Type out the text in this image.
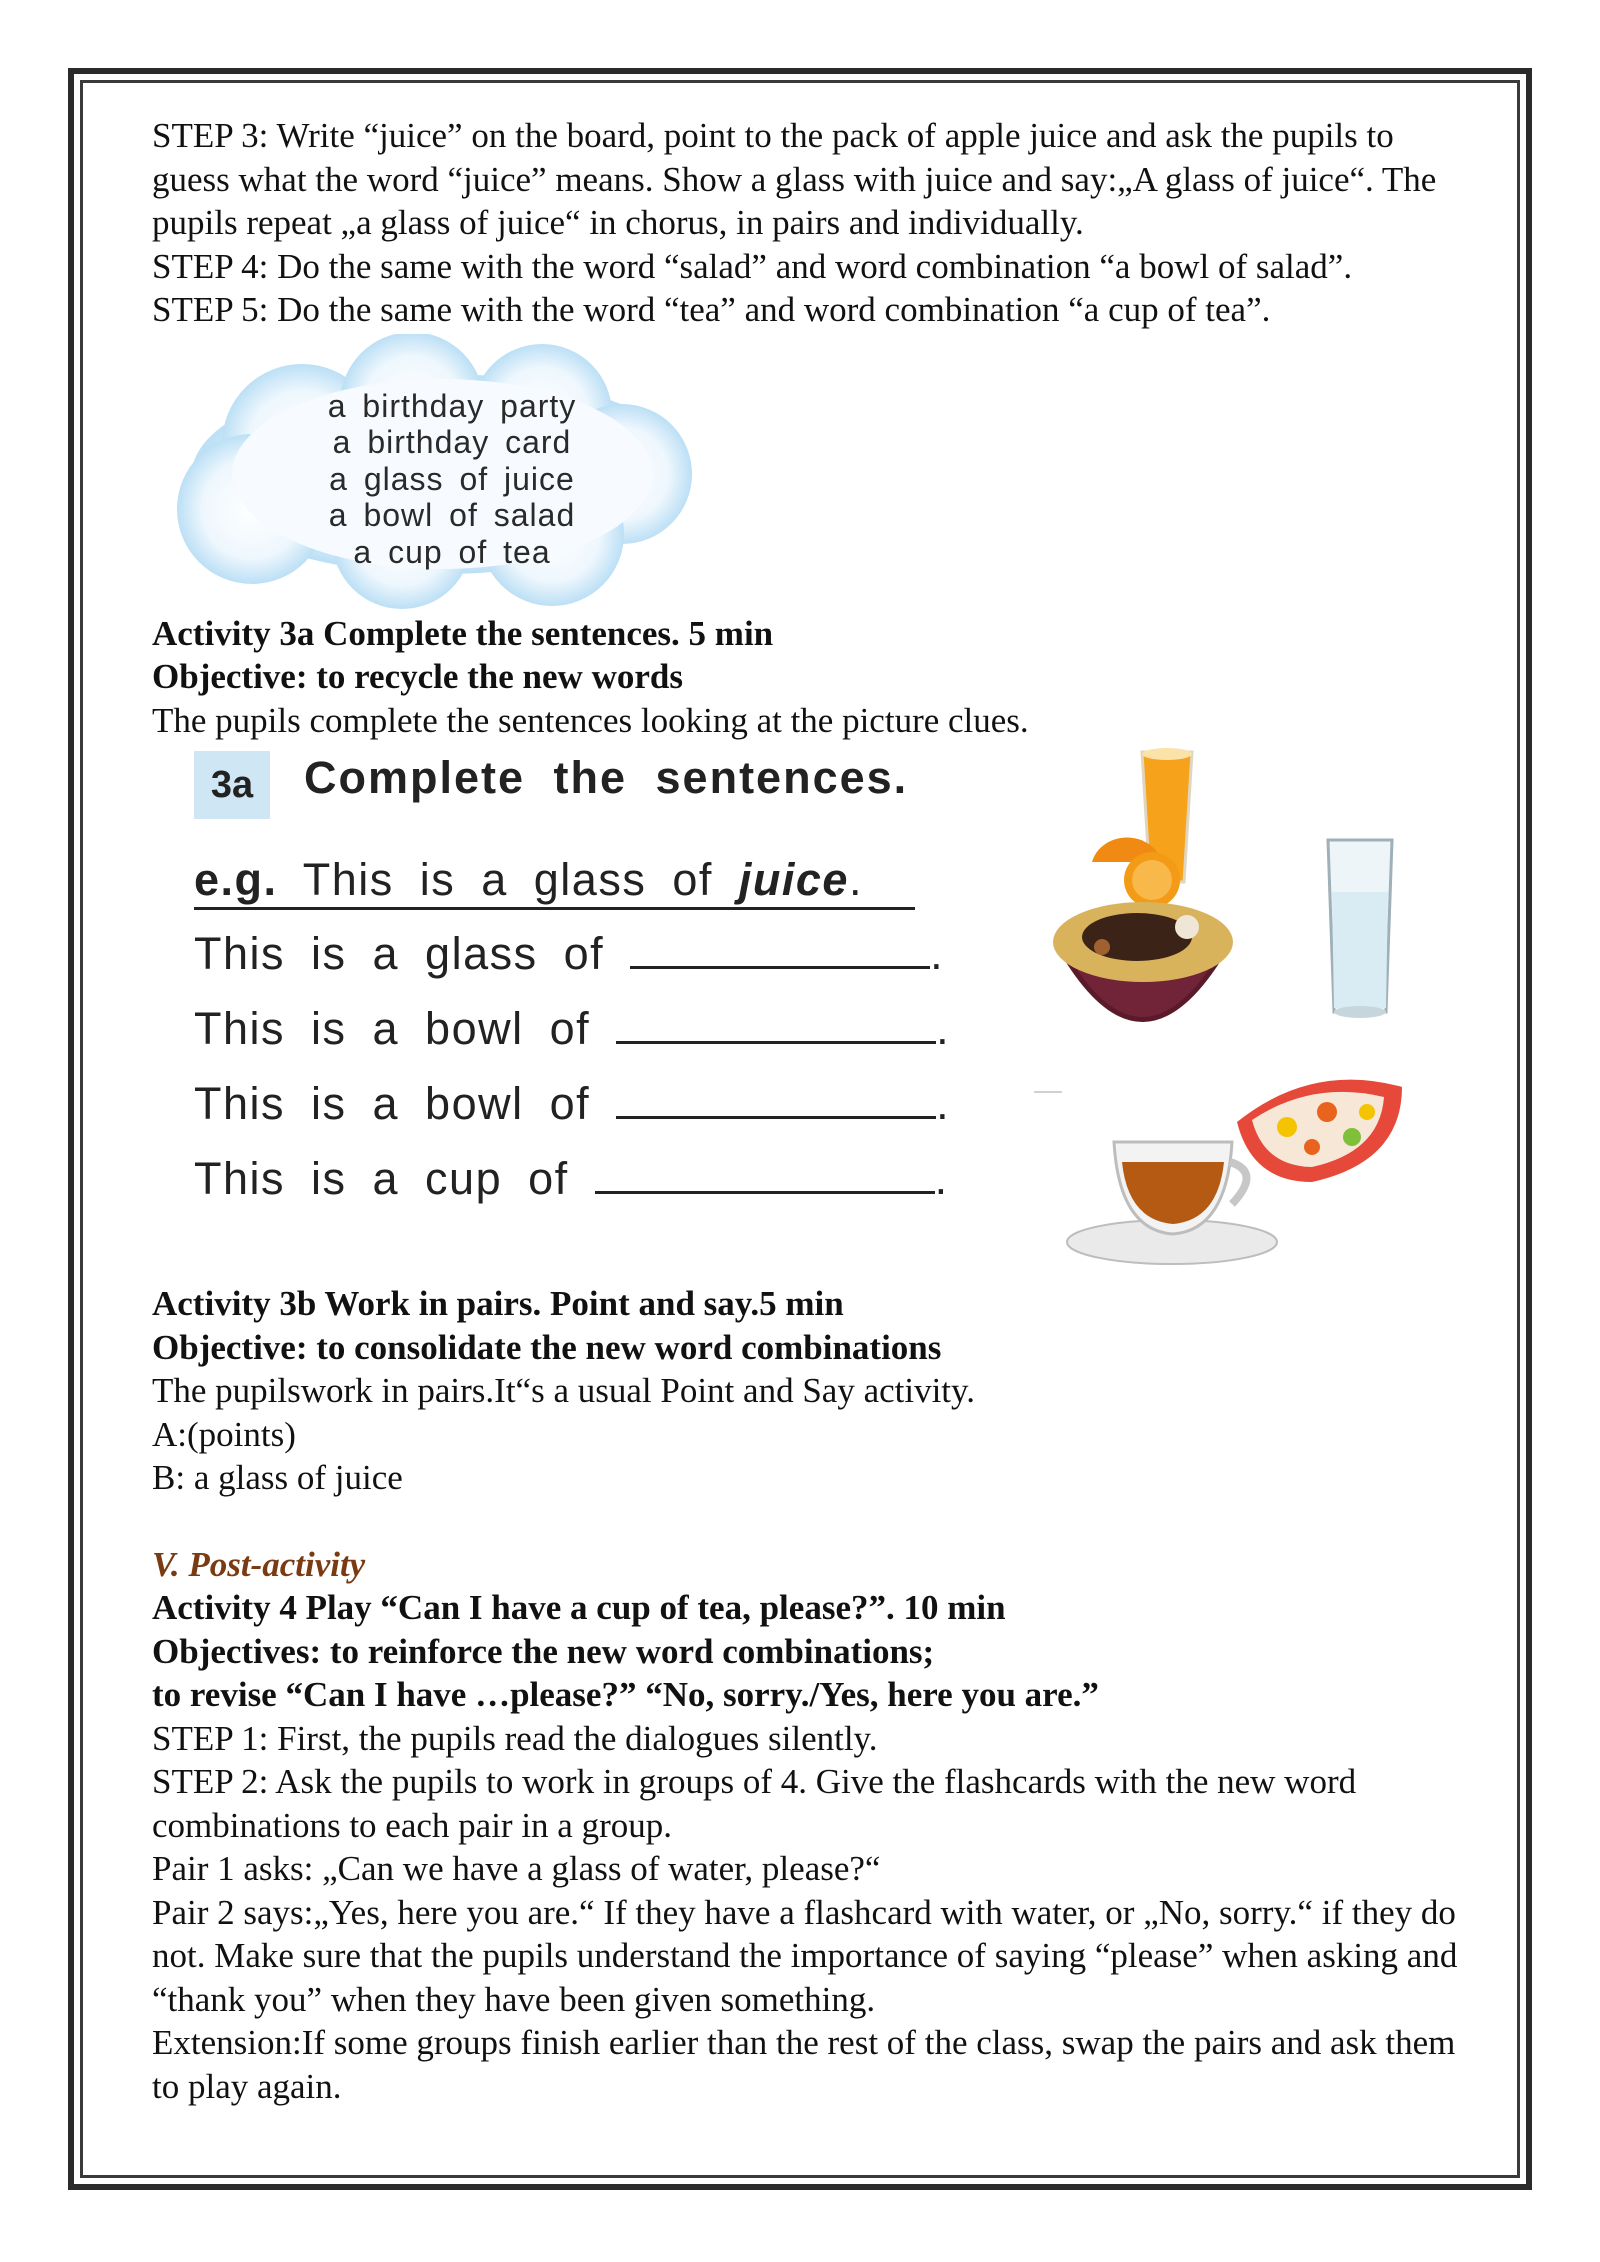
STEP 3: Write “juice” on the board, point to the pack of apple juice and ask the pupils to guess what the word “juice” means. Show a glass with juice and say:„A glass of juice“. The pupils repeat „a glass of juice“ in chorus, in pairs and individually.

STEP 4: Do the same with the word “salad” and word combination “a bowl of salad”.

STEP 5: Do the same with the word “tea” and word combination “a cup of tea”.

a birthday party
a birthday card
a glass of juice
a bowl of salad
a cup of tea

Activity 3a Complete the sentences. 5 min

Objective: to recycle the new words

The pupils complete the sentences looking at the picture clues.

3a	Complete the sentences.
e.g. This is a glass of juice.
This is a glass of	.
This is a bowl of	.
This is a bowl of	.
This is a cup of	.

Activity 3b Work in pairs. Point and say.5 min

Objective: to consolidate the new word combinations

The pupilswork in pairs.It“s a usual Point and Say activity.

A:(points)

B: a glass of juice

V. Post-activity

Activity 4 Play “Can I have a cup of tea, please?”. 10 min

Objectives: to reinforce the new word combinations;

to revise “Can I have …please?” “No, sorry./Yes, here you are.”

STEP 1: First, the pupils read the dialogues silently.

STEP 2: Ask the pupils to work in groups of 4. Give the flashcards with the new word combinations to each pair in a group.

Pair 1 asks: „Can we have a glass of water, please?“

Pair 2 says:„Yes, here you are.“ If they have a flashcard with water, or „No, sorry.“ if they do not. Make sure that the pupils understand the importance of saying “please” when asking and “thank you” when they have been given something.

Extension:If some groups finish earlier than the rest of the class, swap the pairs and ask them to play again.
